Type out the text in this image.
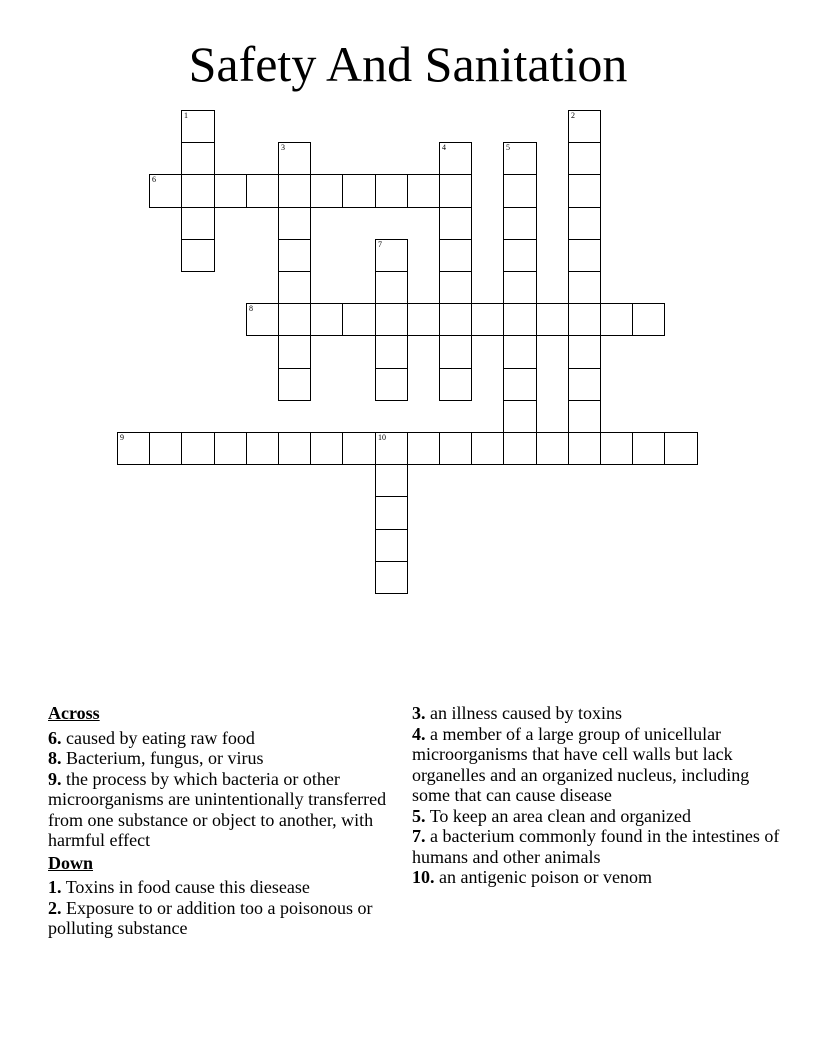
Safety And Sanitation
1	2
3	4	5
6
7
8
9	10
Across
6. caused by eating raw food
8. Bacterium, fungus, or virus
9. the process by which bacteria or other microorganisms are unintentionally transferred from one substance or object to another, with harmful effect
Down
1. Toxins in food cause this diesease
2. Exposure to or addition too a poisonous or polluting substance
3. an illness caused by toxins
4. a member of a large group of unicellular microorganisms that have cell walls but lack organelles and an organized nucleus, including some that can cause disease
5. To keep an area clean and organized
7. a bacterium commonly found in the intestines of humans and other animals
10. an antigenic poison or venom
